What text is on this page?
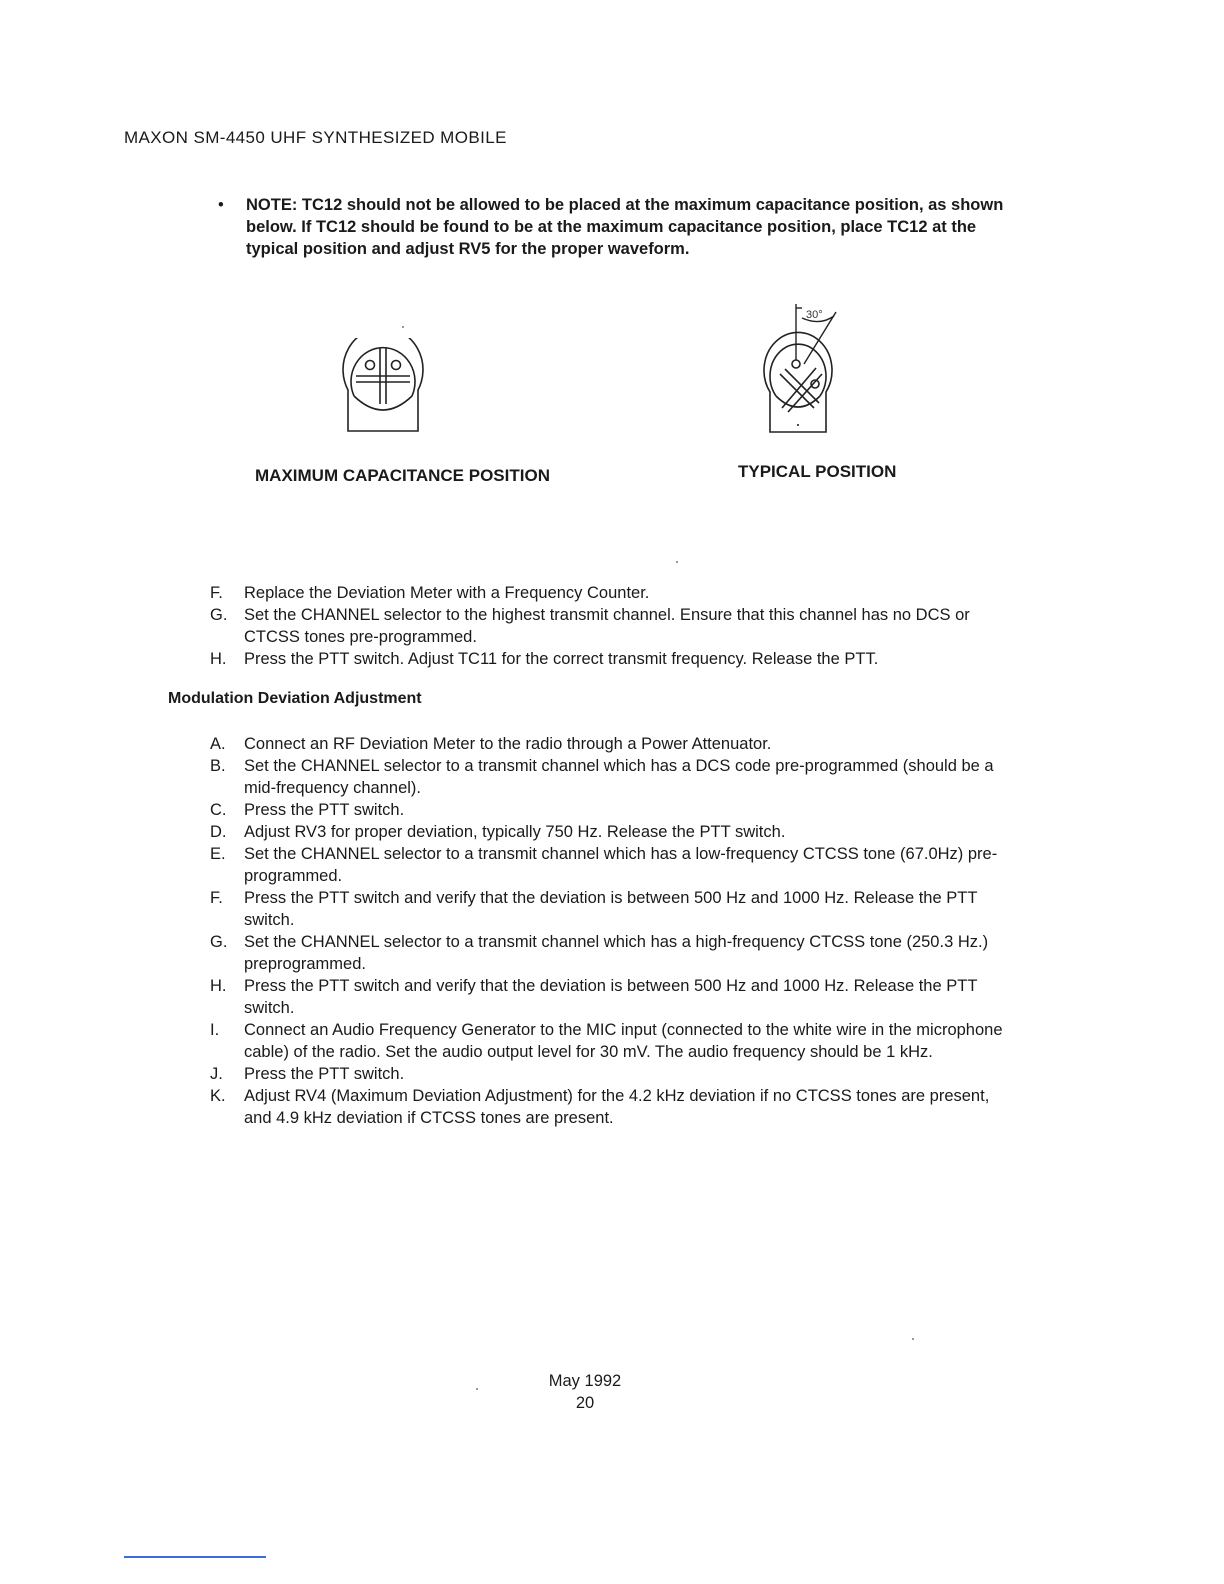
MAXON SM-4450 UHF SYNTHESIZED MOBILE
• NOTE: TC12 should not be allowed to be placed at the maximum capacitance position, as shown below. If TC12 should be found to be at the maximum capacitance position, place TC12 at the typical position and adjust RV5 for the proper waveform.
MAXIMUM CAPACITANCE POSITION
30°
TYPICAL POSITION
F. Replace the Deviation Meter with a Frequency Counter.
G. Set the CHANNEL selector to the highest transmit channel. Ensure that this channel has no DCS or CTCSS tones pre-programmed.
H. Press the PTT switch. Adjust TC11 for the correct transmit frequency. Release the PTT.
Modulation Deviation Adjustment
A. Connect an RF Deviation Meter to the radio through a Power Attenuator.
B. Set the CHANNEL selector to a transmit channel which has a DCS code pre-programmed (should be a mid-frequency channel).
C. Press the PTT switch.
D. Adjust RV3 for proper deviation, typically 750 Hz. Release the PTT switch.
E. Set the CHANNEL selector to a transmit channel which has a low-frequency CTCSS tone (67.0Hz) pre-programmed.
F. Press the PTT switch and verify that the deviation is between 500 Hz and 1000 Hz. Release the PTT switch.
G. Set the CHANNEL selector to a transmit channel which has a high-frequency CTCSS tone (250.3 Hz.) preprogrammed.
H. Press the PTT switch and verify that the deviation is between 500 Hz and 1000 Hz. Release the PTT switch.
I. Connect an Audio Frequency Generator to the MIC input (connected to the white wire in the microphone cable) of the radio. Set the audio output level for 30 mV. The audio frequency should be 1 kHz.
J. Press the PTT switch.
K. Adjust RV4 (Maximum Deviation Adjustment) for the 4.2 kHz deviation if no CTCSS tones are present, and 4.9 kHz deviation if CTCSS tones are present.
May 1992
20
